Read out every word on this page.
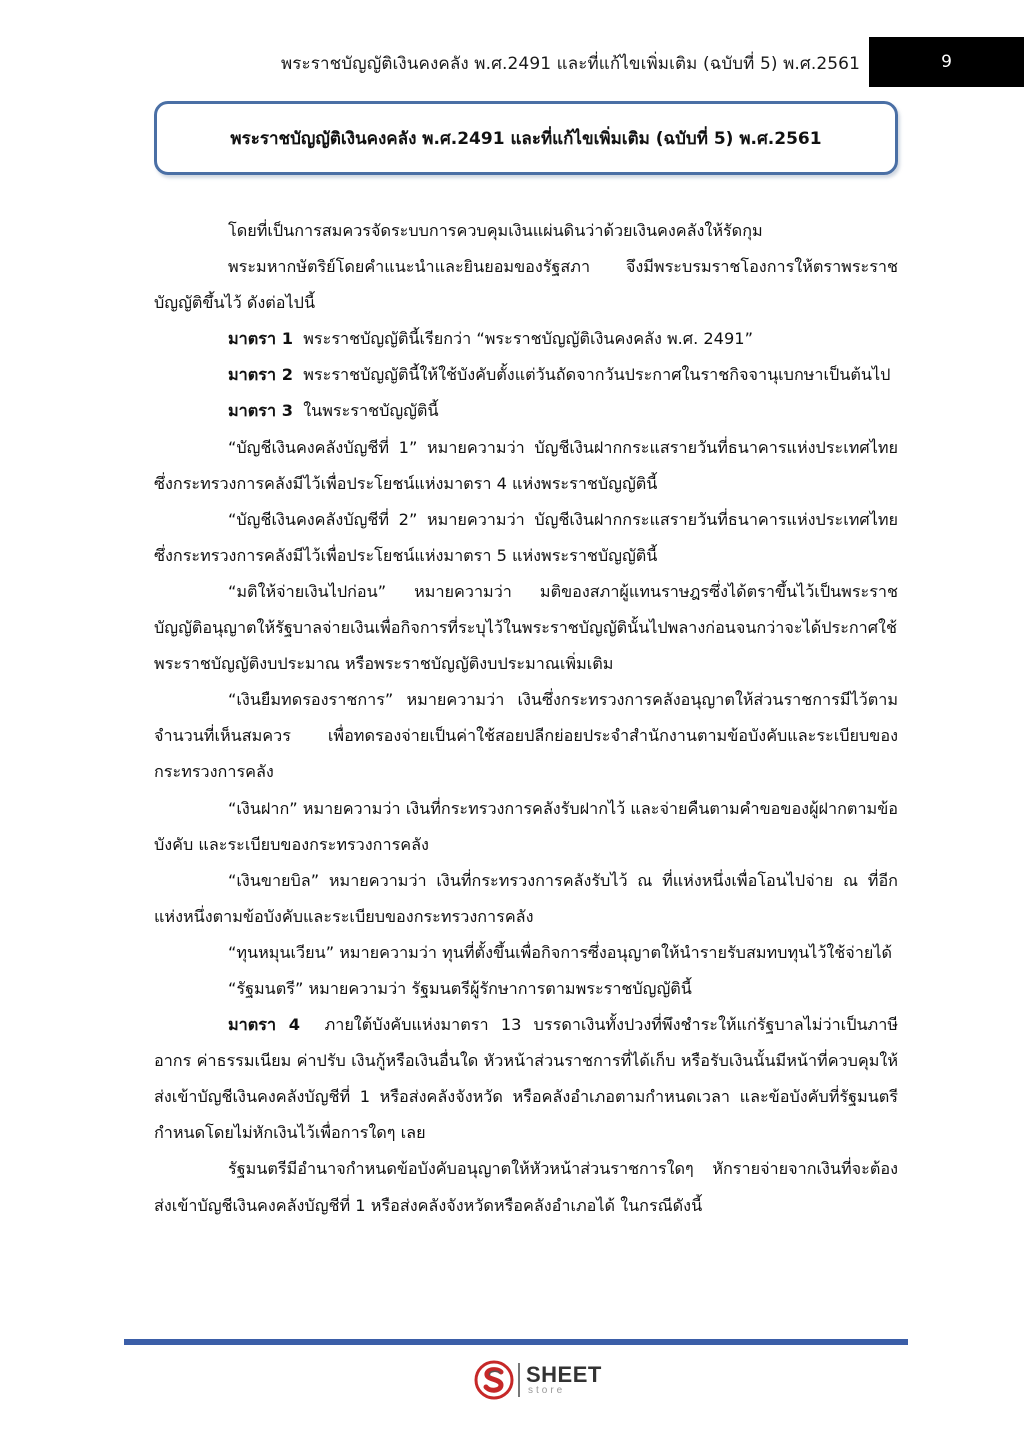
พระราชบัญญัติเงินคงคลัง พ.ศ.2491 และที่แก้ไขเพิ่มเติม (ฉบับที่ 5) พ.ศ.2561	9
พระราชบัญญัติเงินคงคลัง พ.ศ.2491 และที่แก้ไขเพิ่มเติม (ฉบับที่ 5) พ.ศ.2561

โดยที่เป็นการสมควรจัดระบบการควบคุมเงินแผ่นดินว่าด้วยเงินคงคลังให้รัดกุม

พระมหากษัตริย์โดยคำแนะนำและยินยอมของรัฐสภา จึงมีพระบรมราชโองการให้ตราพระราชบัญญัติขึ้นไว้ ดังต่อไปนี้

มาตรา 1 พระราชบัญญัตินี้เรียกว่า “พระราชบัญญัติเงินคงคลัง พ.ศ. 2491”

มาตรา 2 พระราชบัญญัตินี้ให้ใช้บังคับตั้งแต่วันถัดจากวันประกาศในราชกิจจานุเบกษาเป็นต้นไป

มาตรา 3 ในพระราชบัญญัตินี้

“บัญชีเงินคงคลังบัญชีที่ 1” หมายความว่า บัญชีเงินฝากกระแสรายวันที่ธนาคารแห่งประเทศไทย ซึ่งกระทรวงการคลังมีไว้เพื่อประโยชน์แห่งมาตรา 4 แห่งพระราชบัญญัตินี้

“บัญชีเงินคงคลังบัญชีที่ 2” หมายความว่า บัญชีเงินฝากกระแสรายวันที่ธนาคารแห่งประเทศไทย ซึ่งกระทรวงการคลังมีไว้เพื่อประโยชน์แห่งมาตรา 5 แห่งพระราชบัญญัตินี้

“มติให้จ่ายเงินไปก่อน” หมายความว่า มติของสภาผู้แทนราษฎรซึ่งได้ตราขึ้นไว้เป็นพระราชบัญญัติอนุญาตให้รัฐบาลจ่ายเงินเพื่อกิจการที่ระบุไว้ในพระราชบัญญัตินั้นไปพลางก่อนจนกว่าจะได้ประกาศใช้พระราชบัญญัติงบประมาณ หรือพระราชบัญญัติงบประมาณเพิ่มเติม

“เงินยืมทดรองราชการ” หมายความว่า เงินซึ่งกระทรวงการคลังอนุญาตให้ส่วนราชการมีไว้ตามจำนวนที่เห็นสมควร เพื่อทดรองจ่ายเป็นค่าใช้สอยปลีกย่อยประจำสำนักงานตามข้อบังคับและระเบียบของกระทรวงการคลัง

“เงินฝาก” หมายความว่า เงินที่กระทรวงการคลังรับฝากไว้ และจ่ายคืนตามคำขอของผู้ฝากตามข้อบังคับ และระเบียบของกระทรวงการคลัง

“เงินขายบิล” หมายความว่า เงินที่กระทรวงการคลังรับไว้ ณ ที่แห่งหนึ่งเพื่อโอนไปจ่าย ณ ที่อีกแห่งหนึ่งตามข้อบังคับและระเบียบของกระทรวงการคลัง

“ทุนหมุนเวียน” หมายความว่า ทุนที่ตั้งขึ้นเพื่อกิจการซึ่งอนุญาตให้นำรายรับสมทบทุนไว้ใช้จ่ายได้

“รัฐมนตรี” หมายความว่า รัฐมนตรีผู้รักษาการตามพระราชบัญญัตินี้

มาตรา 4 ภายใต้บังคับแห่งมาตรา 13 บรรดาเงินทั้งปวงที่พึงชำระให้แก่รัฐบาลไม่ว่าเป็นภาษีอากร ค่าธรรมเนียม ค่าปรับ เงินกู้หรือเงินอื่นใด หัวหน้าส่วนราชการที่ได้เก็บ หรือรับเงินนั้นมีหน้าที่ควบคุมให้ส่งเข้าบัญชีเงินคงคลังบัญชีที่ 1 หรือส่งคลังจังหวัด หรือคลังอำเภอตามกำหนดเวลา และข้อบังคับที่รัฐมนตรีกำหนดโดยไม่หักเงินไว้เพื่อการใดๆ เลย

รัฐมนตรีมีอำนาจกำหนดข้อบังคับอนุญาตให้หัวหน้าส่วนราชการใดๆ หักรายจ่ายจากเงินที่จะต้องส่งเข้าบัญชีเงินคงคลังบัญชีที่ 1 หรือส่งคลังจังหวัดหรือคลังอำเภอได้ ในกรณีดังนี้

SHEET
store
